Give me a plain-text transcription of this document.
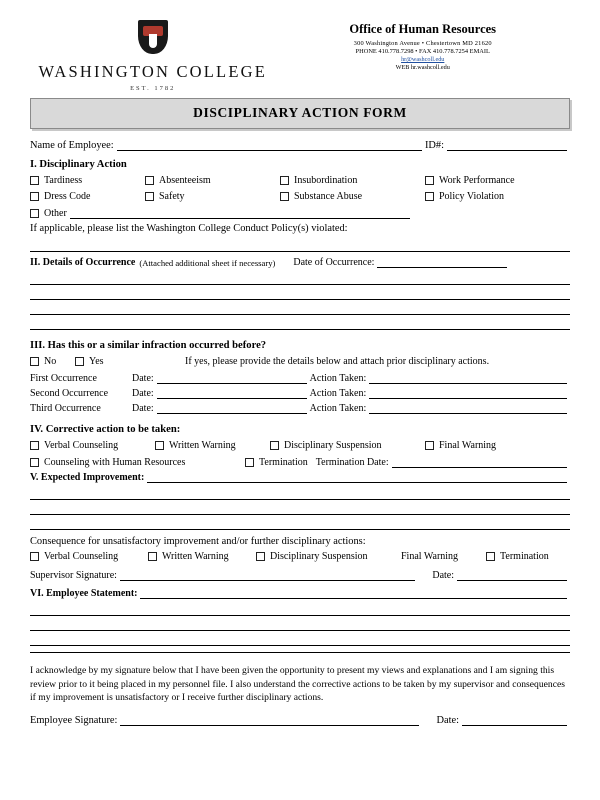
WASHINGTON COLLEGE
EST. 1782
Office of Human Resources
300 Washington Avenue • Chestertown MD 21620
PHONE 410.778.7298 • FAX 410.778.7254 EMAIL
hr@washcoll.edu
WEB hr.washcoll.edu
DISCIPLINARY ACTION FORM
Name of Employee:	ID#:
I. Disciplinary Action
Tardiness	Absenteeism	Insubordination	Work Performance
Dress Code	Safety	Substance Abuse	Policy Violation
Other
If applicable, please list the Washington College Conduct Policy(s) violated:
II. Details of Occurrence (Attached additional sheet if necessary) Date of Occurrence:
III. Has this or a similar infraction occurred before?
No	Yes	If yes, please provide the details below and attach prior disciplinary actions.
First Occurrence	Date:	Action Taken:
Second Occurrence	Date:	Action Taken:
Third Occurrence	Date:	Action Taken:
IV. Corrective action to be taken:
Verbal Counseling	Written Warning	Disciplinary Suspension	Final Warning
Counseling with Human Resources	Termination Termination Date:
V. Expected Improvement:
Consequence for unsatisfactory improvement and/or further disciplinary actions:
Verbal Counseling	Written Warning	Disciplinary Suspension	Final Warning	Termination
Supervisor Signature:	Date:
VI. Employee Statement:
I acknowledge by my signature below that I have been given the opportunity to present my views and explanations and I am signing this review prior to it being placed in my personnel file. I also understand the corrective actions to be taken by my supervisor and consequences if my improvement is unsatisfactory or I receive further disciplinary actions.
Employee Signature:	Date:
